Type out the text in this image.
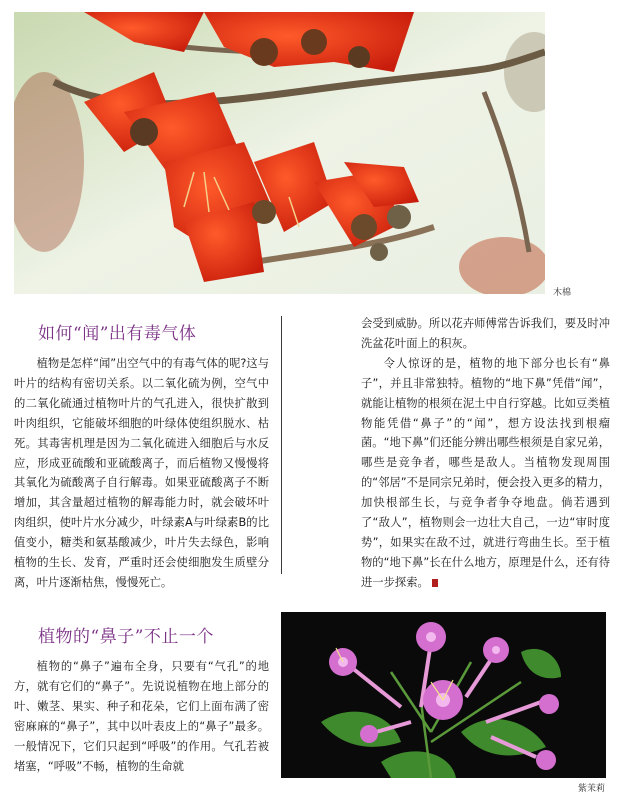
木棉
如何“闻”出有毒气体

植物是怎样“闻”出空气中的有毒气体的呢?这与叶片的结构有密切关系。以二氧化硫为例，空气中的二氧化硫通过植物叶片的气孔进入，很快扩散到叶肉组织，它能破坏细胞的叶绿体使组织脱水、枯死。其毒害机理是因为二氧化硫进入细胞后与水反应，形成亚硫酸和亚硫酸离子，而后植物又慢慢将其氧化为硫酸离子自行解毒。如果亚硫酸离子不断增加，其含量超过植物的解毒能力时，就会破坏叶肉组织，使叶片水分减少，叶绿素A与叶绿素B的比值变小，糖类和氨基酸减少，叶片失去绿色，影响植物的生长、发育，严重时还会使细胞发生质壁分离，叶片逐渐枯焦，慢慢死亡。

会受到威胁。所以花卉师傅常告诉我们，要及时冲洗盆花叶面上的积灰。

令人惊讶的是，植物的地下部分也长有“鼻子”，并且非常独特。植物的“地下鼻”凭借“闻”，就能让植物的根须在泥土中自行穿越。比如豆类植物能凭借“鼻子”的“闻”，想方设法找到根瘤菌。“地下鼻”们还能分辨出哪些根须是自家兄弟，哪些是竞争者，哪些是敌人。当植物发现周围的“邻居”不是同宗兄弟时，便会投入更多的精力，加快根部生长，与竞争者争夺地盘。倘若遇到了“敌人”，植物则会一边壮大自己，一边“审时度势”，如果实在敌不过，就进行弯曲生长。至于植物的“地下鼻”长在什么地方，原理是什么，还有待进一步探索。

植物的“鼻子”不止一个

植物的“鼻子”遍布全身，只要有“气孔”的地方，就有它们的“鼻子”。先说说植物在地上部分的叶、嫩茎、果实、种子和花朵，它们上面布满了密密麻麻的“鼻子”，其中以叶表皮上的“鼻子”最多。一般情况下，它们只起到“呼吸”的作用。气孔若被堵塞，“呼吸”不畅，植物的生命就

紫茉莉
